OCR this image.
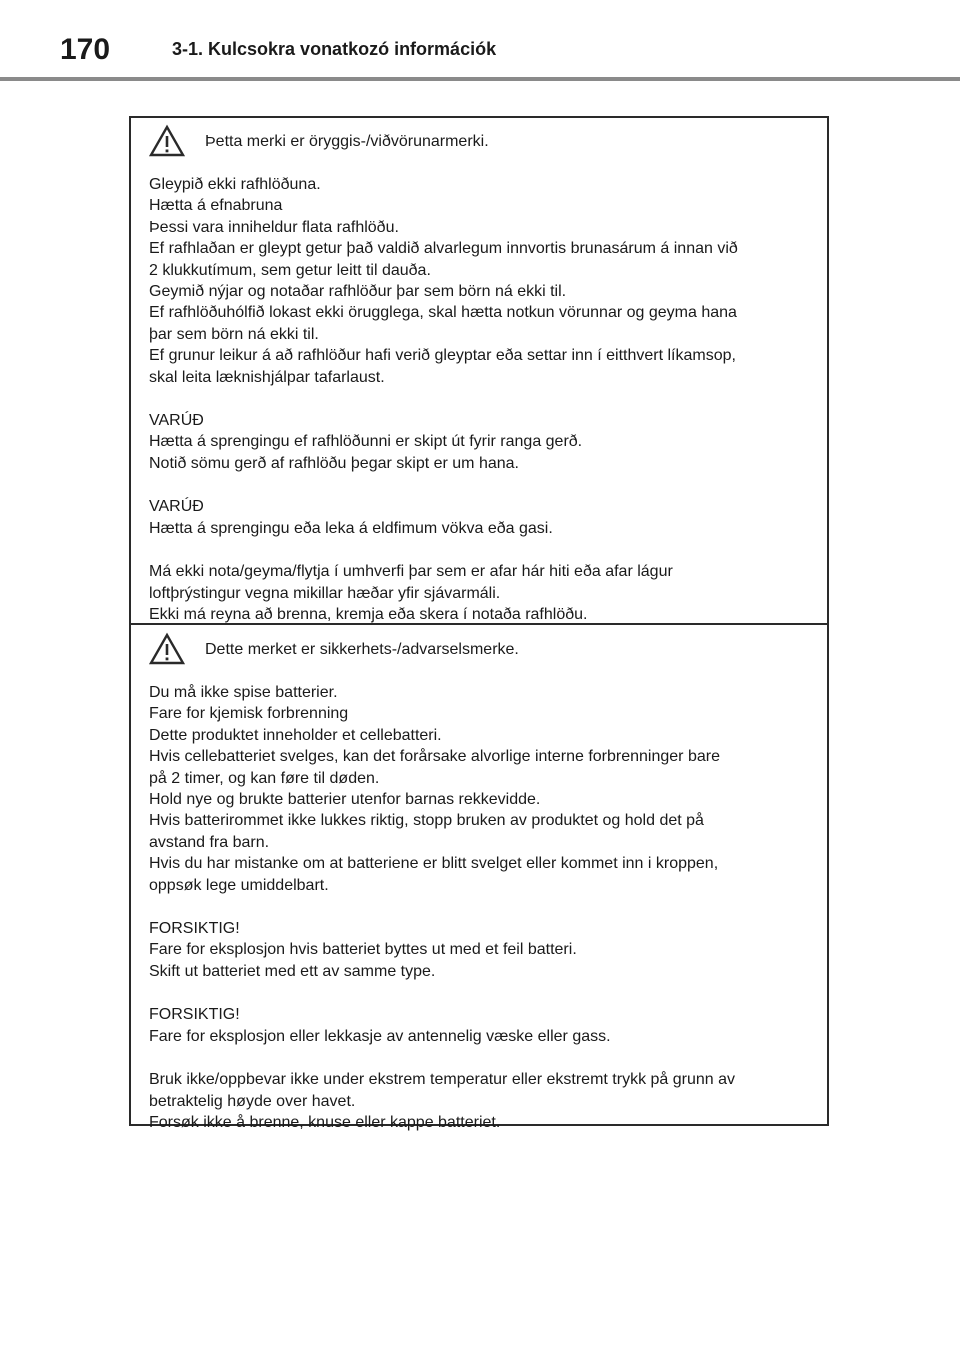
170	3-1. Kulcsokra vonatkozó információk
Þetta merki er öryggis-/viðvörunarmerki.

Gleypið ekki rafhlöðuna.
Hætta á efnabruna
Þessi vara inniheldur flata rafhlöðu.
Ef rafhlaðan er gleypt getur það valdið alvarlegum innvortis brunasárum á innan við
2 klukkutímum, sem getur leitt til dauða.
Geymið nýjar og notaðar rafhlöður þar sem börn ná ekki til.
Ef rafhlöðuhólfið lokast ekki örugglega, skal hætta notkun vörunnar og geyma hana
þar sem börn ná ekki til.
Ef grunur leikur á að rafhlöður hafi verið gleyptar eða settar inn í eitthvert líkamsop,
skal leita læknishjálpar tafarlaust.

VARÚÐ
Hætta á sprengingu ef rafhlöðunni er skipt út fyrir ranga gerð.
Notið sömu gerð af rafhlöðu þegar skipt er um hana.

VARÚÐ
Hætta á sprengingu eða leka á eldfimum vökva eða gasi.

Má ekki nota/geyma/flytja í umhverfi þar sem er afar hár hiti eða afar lágur
loftþrýstingur vegna mikillar hæðar yfir sjávarmáli.
Ekki má reyna að brenna, kremja eða skera í notaða rafhlöðu.

Dette merket er sikkerhets-/advarselsmerke.

Du må ikke spise batterier.
Fare for kjemisk forbrenning
Dette produktet inneholder et cellebatteri.
Hvis cellebatteriet svelges, kan det forårsake alvorlige interne forbrenninger bare
på 2 timer, og kan føre til døden.
Hold nye og brukte batterier utenfor barnas rekkevidde.
Hvis batterirommet ikke lukkes riktig, stopp bruken av produktet og hold det på
avstand fra barn.
Hvis du har mistanke om at batteriene er blitt svelget eller kommet inn i kroppen,
oppsøk lege umiddelbart.

FORSIKTIG!
Fare for eksplosjon hvis batteriet byttes ut med et feil batteri.
Skift ut batteriet med ett av samme type.

FORSIKTIG!
Fare for eksplosjon eller lekkasje av antennelig væske eller gass.

Bruk ikke/oppbevar ikke under ekstrem temperatur eller ekstremt trykk på grunn av
betraktelig høyde over havet.
Forsøk ikke å brenne, knuse eller kappe batteriet.
